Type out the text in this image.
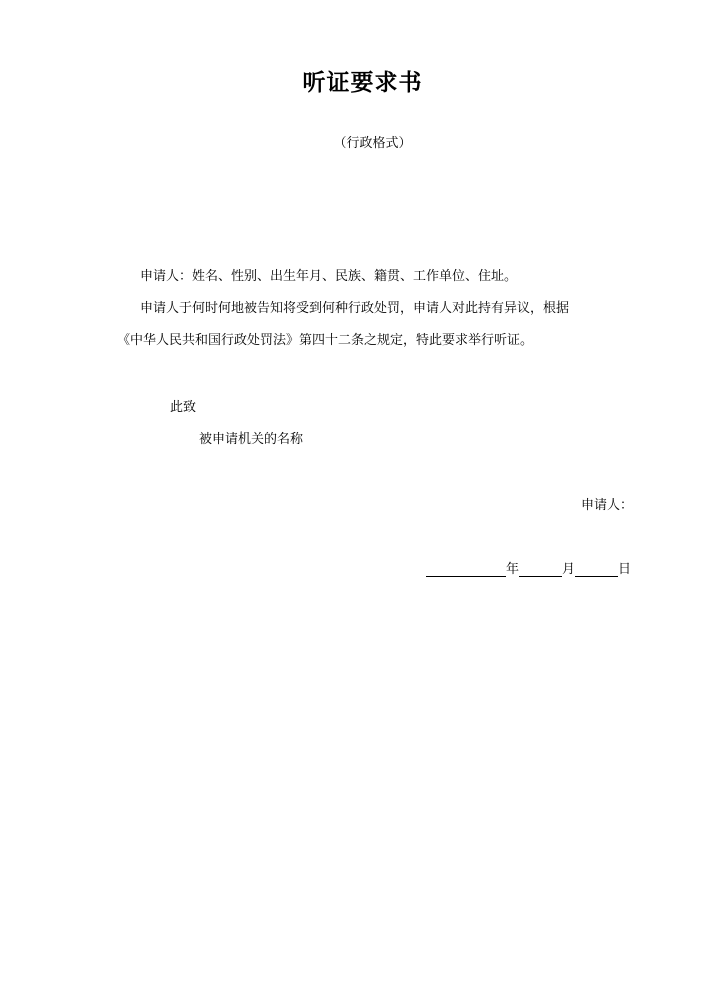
听证要求书
（行政格式）
申请人：姓名、性别、出生年月、民族、籍贯、工作单位、住址。
申请人于何时何地被告知将受到何种行政处罚，申请人对此持有异议，根据
《中华人民共和国行政处罚法》第四十二条之规定，特此要求举行听证。
此致
被申请机关的名称
申请人：
年	月	日
